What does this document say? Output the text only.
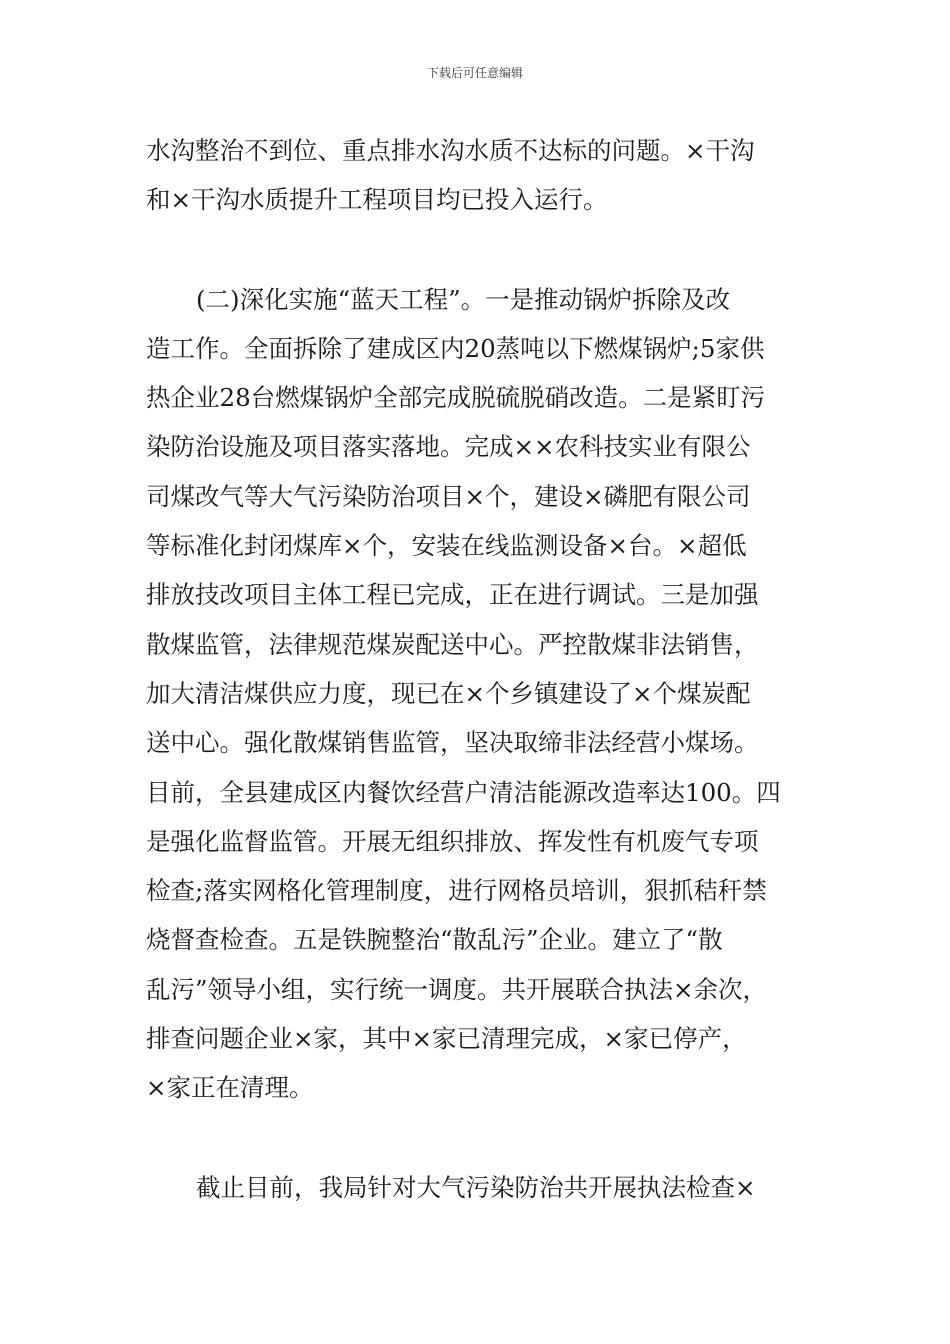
下载后可任意编辑
水沟整治不到位、重点排水沟水质不达标的问题。×干沟
和×干沟水质提升工程项目均已投入运行。
(二)深化实施“蓝天工程”。一是推动锅炉拆除及改
造工作。全面拆除了建成区内20蒸吨以下燃煤锅炉;5家供
热企业28台燃煤锅炉全部完成脱硫脱硝改造。二是紧盯污
染防治设施及项目落实落地。完成××农科技实业有限公
司煤改气等大气污染防治项目×个，建设×磷肥有限公司
等标准化封闭煤库×个，安装在线监测设备×台。×超低
排放技改项目主体工程已完成，正在进行调试。三是加强
散煤监管，法律规范煤炭配送中心。严控散煤非法销售，
加大清洁煤供应力度，现已在×个乡镇建设了×个煤炭配
送中心。强化散煤销售监管，坚决取缔非法经营小煤场。
目前，全县建成区内餐饮经营户清洁能源改造率达100。四
是强化监督监管。开展无组织排放、挥发性有机废气专项
检查;落实网格化管理制度，进行网格员培训，狠抓秸秆禁
烧督查检查。五是铁腕整治“散乱污”企业。建立了“散
乱污”领导小组，实行统一调度。共开展联合执法×余次，
排查问题企业×家，其中×家已清理完成，×家已停产，
×家正在清理。
截止目前，我局针对大气污染防治共开展执法检查×
